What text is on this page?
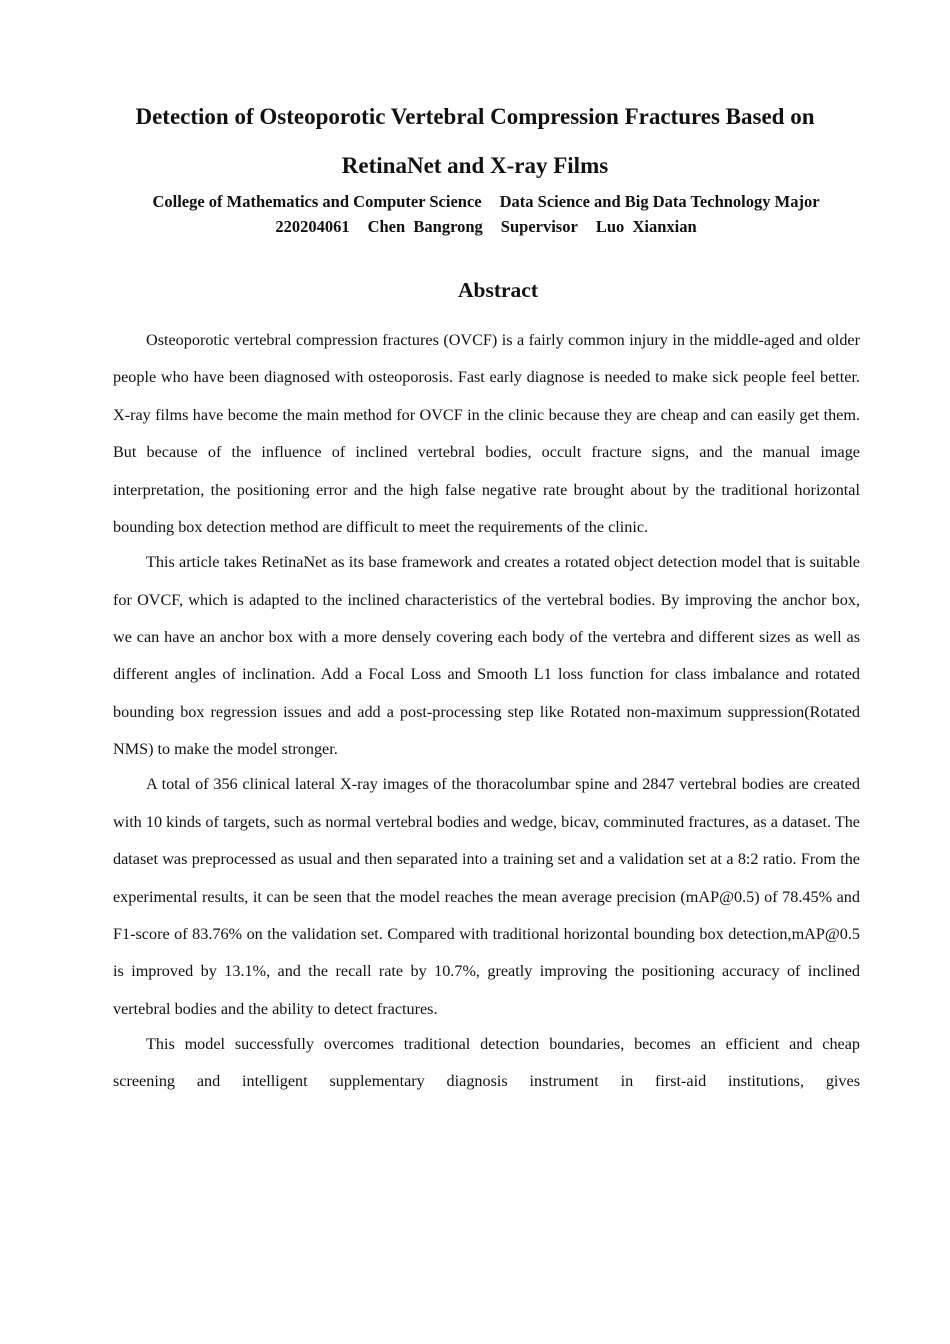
Detection of Osteoporotic Vertebral Compression Fractures Based on
RetinaNet and X-ray Films
College of Mathematics and Computer Science Data Science and Big Data Technology Major
220204061 Chen  Bangrong Supervisor Luo  Xianxian
Abstract

Osteoporotic vertebral compression fractures (OVCF) is a fairly common injury in the middle-aged and older people who have been diagnosed with osteoporosis. Fast early diagnose is needed to make sick people feel better. X-ray films have become the main method for OVCF in the clinic because they are cheap and can easily get them. But because of the influence of inclined vertebral bodies, occult fracture signs, and the manual image interpretation, the positioning error and the high false negative rate brought about by the traditional horizontal bounding box detection method are difficult to meet the requirements of the clinic.

This article takes RetinaNet as its base framework and creates a rotated object detection model that is suitable for OVCF, which is adapted to the inclined characteristics of the vertebral bodies. By improving the anchor box, we can have an anchor box with a more densely covering each body of the vertebra and different sizes as well as different angles of inclination. Add a Focal Loss and Smooth L1 loss function for class imbalance and rotated bounding box regression issues and add a post-processing step like Rotated non-maximum suppression(Rotated NMS) to make the model stronger.

A total of 356 clinical lateral X-ray images of the thoracolumbar spine and 2847 vertebral bodies are created with 10 kinds of targets, such as normal vertebral bodies and wedge, bicav, comminuted fractures, as a dataset. The dataset was preprocessed as usual and then separated into a training set and a validation set at a 8:2 ratio. From the experimental results, it can be seen that the model reaches the mean average precision (mAP@0.5) of 78.45% and F1-score of 83.76% on the validation set. Compared with traditional horizontal bounding box detection,mAP@0.5 is improved by 13.1%, and the recall rate by 10.7%, greatly improving the positioning accuracy of inclined vertebral bodies and the ability to detect fractures.

This model successfully overcomes traditional detection boundaries, becomes an efficient and cheap screening and intelligent supplementary diagnosis instrument in first-aid institutions, gives
